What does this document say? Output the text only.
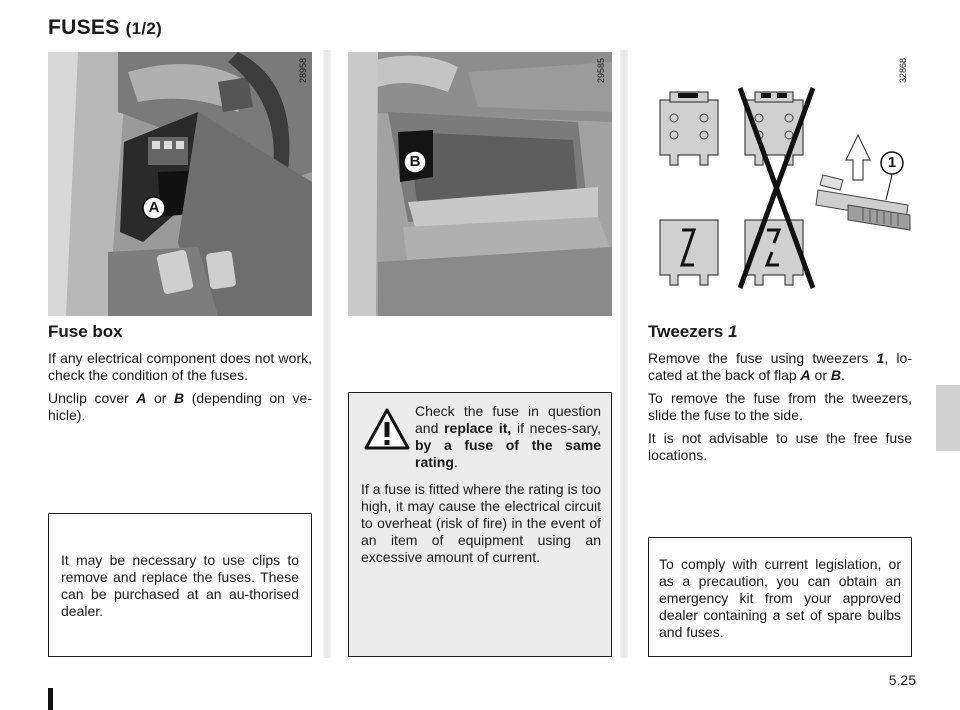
FUSES (1/2)
28958
A
29585
B
32868
1
Fuse box

If any electrical component does not work, check the condition of the fuses.

Unclip cover A or B (depending on ve-hicle).

It may be necessary to use clips to remove and replace the fuses. These can be purchased at an au-thorised dealer.

Check the fuse in question and replace it, if neces-sary, by a fuse of the same rating.

If a fuse is fitted where the rating is too high, it may cause the electrical circuit to overheat (risk of fire) in the event of an item of equipment using an excessive amount of current.

Tweezers 1

Remove the fuse using tweezers 1, lo-cated at the back of flap A or B.

To remove the fuse from the tweezers, slide the fuse to the side.

It is not advisable to use the free fuse locations.

To comply with current legislation, or as a precaution, you can obtain an emergency kit from your approved dealer containing a set of spare bulbs and fuses.

5.25
